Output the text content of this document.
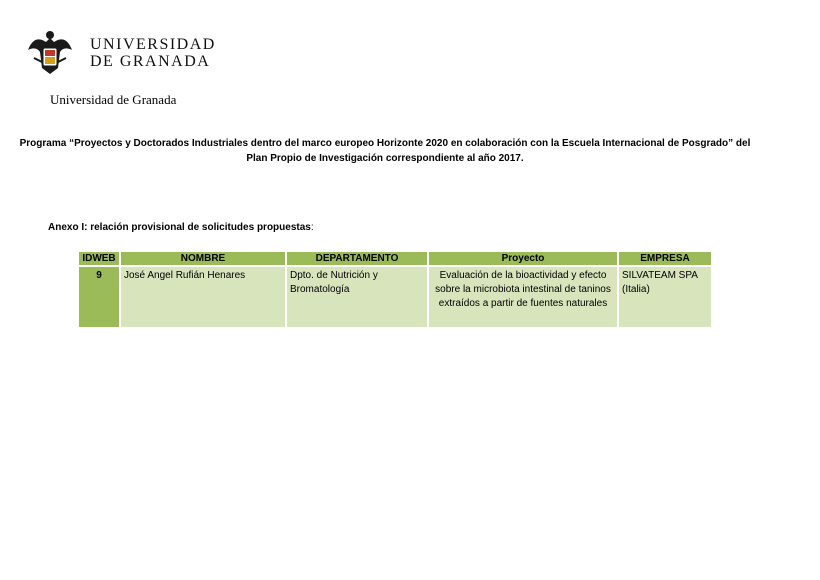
UNIVERSIDAD
DE GRANADA
Universidad de Granada
Programa “Proyectos y Doctorados Industriales dentro del marco europeo Horizonte 2020 en colaboración con la Escuela Internacional de Posgrado” del
Plan Propio de Investigación correspondiente al año 2017.
Anexo I: relación provisional de solicitudes propuestas:
IDWEB	NOMBRE	DEPARTAMENTO	Proyecto	EMPRESA
9	José Angel Rufián Henares	Dpto. de Nutrición y Bromatología	Evaluación de la bioactividad y efecto sobre la microbiota intestinal de taninos extraídos a partir de fuentes naturales	SILVATEAM SPA (Italia)
